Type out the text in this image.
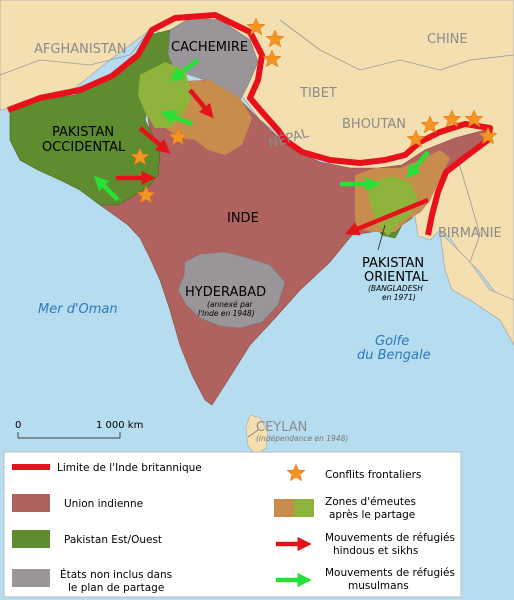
AFGHANISTAN
CHINE
TIBET
NÉPAL
BHOUTAN
BIRMANIE
CEYLAN
(indépendance en 1948)
CACHEMIRE
PAKISTAN
OCCIDENTAL
INDE
HYDERABAD
(annexé par
l'Inde en 1948)
PAKISTAN
ORIENTAL
(BANGLADESH
en 1971)
Mer d'Oman
Golfe
du Bengale
0	1 000 km
Limite de l'Inde britannique
Union indienne
Pakistan Est/Ouest
États non inclus dans
le plan de partage
Conflits frontaliers
Zones d'émeutes
après le partage
Mouvements de réfugiés
hindous et sikhs
Mouvements de réfugiés
musulmans
